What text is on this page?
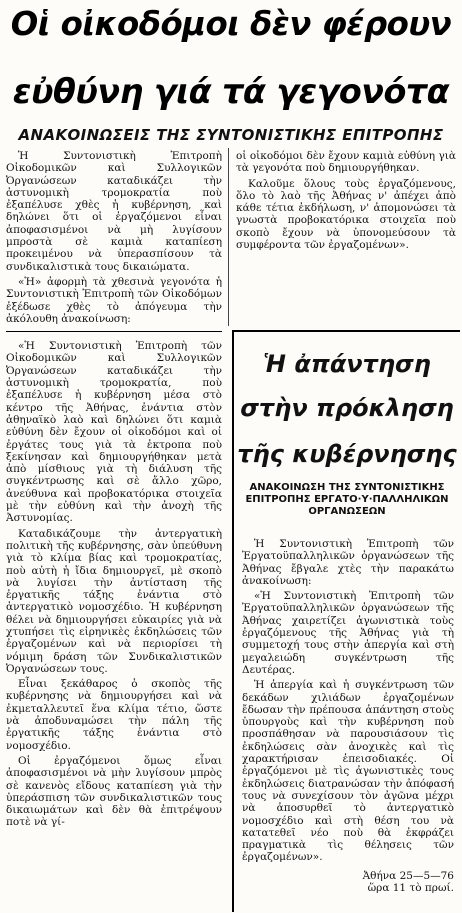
Οἱ οἰκοδόμοι δὲν φέρουν
εὐθύνη γιά τά γεγονότα
ΑΝΑΚΟΙΝΩΣΕΙΣ ΤΗΣ ΣΥΝΤΟΝΙΣΤΙΚΗΣ ΕΠΙΤΡΟΠΗΣ

Ἡ Συντονιστικὴ Ἐπιτροπὴ Οἰκοδομικῶν καὶ Συλλογικῶν Ὀργανώσεων καταδικάζει τὴν ἀστυνομικὴ τρομοκρατία ποὺ ἐξαπέλυσε χθὲς ἡ κυβέρνηση, καὶ δηλώνει ὅτι οἱ ἐργαζόμενοι εἶναι ἀποφασισμένοι νὰ μὴ λυγίσουν μπροστὰ σὲ καμιὰ καταπίεση προκειμένου νὰ ὑπερασπίσουν τὰ συνδικαλιστικὰ τους δικαιώματα.

«Ἡ» ἀφορμὴ τὰ χθεσινὰ γεγονότα ἡ Συντονιστικὴ Ἐπιτροπὴ τῶν Οἰκοδόμων ἐξέδωσε χθὲς τὸ ἀπόγευμα τὴν ἀκόλουθη ἀνακοίνωση:

«Ἡ Συντονιστικὴ Ἐπιτροπὴ τῶν Οἰκοδομικῶν καὶ Συλλογικῶν Ὀργανώσεων καταδικάζει τὴν ἀστυνομικὴ τρομοκρατία, ποὺ ἐξαπέλυσε ἡ κυβέρνηση μέσα στὸ κέντρο τῆς Ἀθήνας, ἐνάντια στὸν ἀθηναϊκὸ λαὸ καὶ δηλώνει ὅτι καμιὰ εὐθύνη δὲν ἔχουν οἱ οἰκοδόμοι καὶ οἱ ἐργάτες τους γιὰ τὰ ἐκτροπα ποὺ ξεκίνησαν καὶ δημιουργήθηκαν μετὰ ἀπὸ μίσθιους γιὰ τὴ διάλυση τῆς συγκέντρωσης καὶ σὲ ἄλλο χῶρο, ἀνεύθυνα καὶ προβοκατόρικα στοιχεῖα μὲ τὴν εὐθύνη καὶ τὴν ἀνοχὴ τῆς Ἀστυνομίας.

Καταδικάζουμε τὴν ἀντεργατικὴ πολιτικὴ τῆς κυβέρνησης, σὰν ὑπεύθυνη γιὰ τὸ κλίμα βίας καὶ τρομοκρατίας, ποὺ αὐτὴ ἡ ἴδια δημιουργεῖ, μὲ σκοπὸ νὰ λυγίσει τὴν ἀντίσταση τῆς ἐργατικῆς τάξης ἐνάντια στὸ ἀντεργατικὸ νομοσχέδιο. Ἡ κυβέρνηση θέλει νὰ δημιουργήσει εὐκαιρίες γιὰ νὰ χτυπήσει τὶς εἰρηνικὲς ἐκδηλώσεις τῶν ἐργαζομένων καὶ νὰ περιορίσει τὴ νόμιμη δράση τῶν Συνδικαλιστικῶν Ὀργανώσεων τους.

Εἶναι ξεκάθαρος ὁ σκοπὸς τῆς κυβέρνησης νὰ δημιουργήσει καὶ νὰ ἐκμεταλλευτεῖ ἕνα κλίμα τέτιο, ὥστε νὰ ἀποδυναμώσει τὴν πάλη τῆς ἐργατικῆς τάξης ἐνάντια στὸ νομοσχέδιο.

Οἱ ἐργαζόμενοι ὅμως εἶναι ἀποφασισμένοι νὰ μὴν λυγίσουν μπρὸς σὲ κανενὸς εἴδους καταπίεση γιὰ τὴν ὑπεράσπιση τῶν συνδικαλιστικῶν τους δικαιωμάτων καὶ δὲν θὰ ἐπιτρέψουν ποτὲ νὰ γί-

οἱ οἰκοδόμοι δὲν ἔχουν καμιὰ εὐθύνη γιὰ τὰ γεγονότα ποὺ δημιουργήθηκαν.

Καλοῦμε ὅλους τοὺς ἐργαζόμενους, ὅλο τὸ λαὸ τῆς Ἀθήνας ν' ἀπέχει ἀπὸ κάθε τέτια ἐκδήλωση, ν' ἀπομονώσει τὰ γνωστὰ προβοκατόρικα στοιχεῖα ποὺ σκοπὸ ἔχουν νὰ ὑπονομεύσουν τὰ συμφέροντα τῶν ἐργαζομένων».

Ἡ ἀπάντηση
στὴν πρόκληση
τῆς κυβέρνησης
ΑΝΑΚΟΙΝΩΣΗ ΤΗΣ ΣΥΝΤΟΝΙΣΤΙΚΗΣ ΕΠΙΤΡΟΠΗΣ ΕΡΓΑΤΟ·Υ·ΠΑΛΛΗΛΙΚΩΝ ΟΡΓΑΝΩΣΕΩΝ

Ἡ Συντονιστικὴ Ἐπιτροπὴ τῶν Ἐργατοϋπαλληλικῶν ὀργανώσεων τῆς Ἀθήνας ἔβγαλε χτὲς τὴν παρακάτω ἀνακοίνωση:

«Ἡ Συντονιστικὴ Ἐπιτροπὴ τῶν Ἐργατοϋπαλληλικῶν ὀργανώσεων τῆς Ἀθήνας χαιρετίζει ἀγωνιστικὰ τοὺς ἐργαζόμενους τῆς Ἀθήνας γιὰ τὴ συμμετοχή τους στὴν ἀπεργία καὶ στὴ μεγαλειώδη συγκέντρωση τῆς Δευτέρας.

Ἡ ἀπεργία καὶ ἡ συγκέντρωση τῶν δεκάδων χιλιάδων ἐργαζομένων ἔδωσαν τὴν πρέπουσα ἀπάντηση στοὺς ὑπουργοὺς καὶ τὴν κυβέρνηση ποὺ προσπάθησαν νὰ παρουσιάσουν τὶς ἐκδηλώσεις σὰν ἀνοχικὲς καὶ τὶς χαρακτήρισαν ἐπεισοδιακές. Οἱ ἐργαζόμενοι μὲ τὶς ἀγωνιστικὲς τους ἐκδηλώσεις διατρανώσαν τὴν ἀπόφασή τους νὰ συνεχίσουν τὸν ἀγῶνα μέχρι νὰ ἀποσυρθεῖ τὸ ἀντεργατικὸ νομοσχέδιο καὶ στὴ θέση του νὰ κατατεθεῖ νέο ποὺ θὰ ἐκφράζει πραγματικὰ τὶς θέλησεις τῶν ἐργαζομένων».

Ἀθήνα 25—5—76
ὥρα 11 τὸ πρωί.
